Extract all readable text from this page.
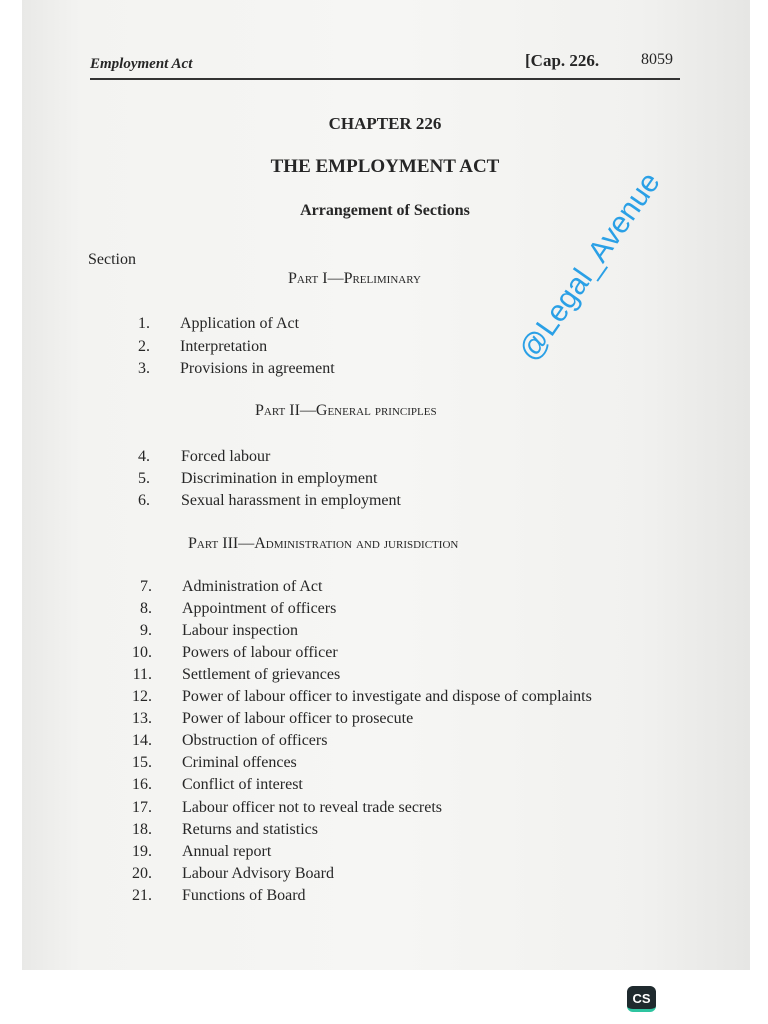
Employment Act	[Cap. 226.	8059
CHAPTER 226
THE EMPLOYMENT ACT
Arrangement of Sections
Section
Part I—Preliminary
1. Application of Act
2. Interpretation
3. Provisions in agreement
Part II—General principles
4. Forced labour
5. Discrimination in employment
6. Sexual harassment in employment
Part III—Administration and jurisdiction
7. Administration of Act
8. Appointment of officers
9. Labour inspection
10. Powers of labour officer
11. Settlement of grievances
12. Power of labour officer to investigate and dispose of complaints
13. Power of labour officer to prosecute
14. Obstruction of officers
15. Criminal offences
16. Conflict of interest
17. Labour officer not to reveal trade secrets
18. Returns and statistics
19. Annual report
20. Labour Advisory Board
21. Functions of Board
@Legal_Avenue
CS
